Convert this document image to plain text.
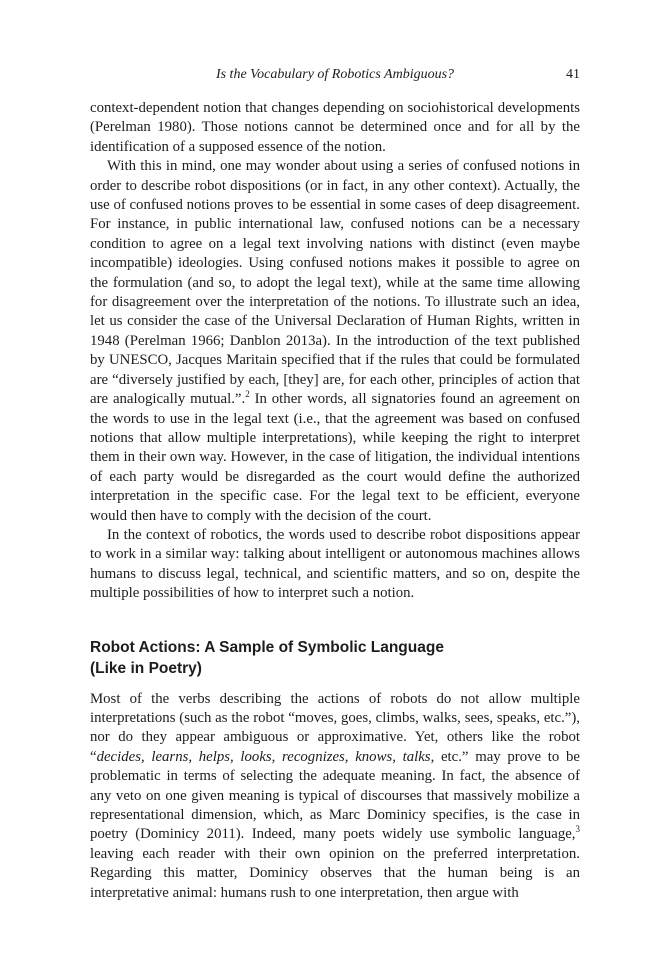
Is the Vocabulary of Robotics Ambiguous?	41

context-dependent notion that changes depending on sociohistorical developments (Perelman 1980). Those notions cannot be determined once and for all by the identification of a supposed essence of the notion.

With this in mind, one may wonder about using a series of confused notions in order to describe robot dispositions (or in fact, in any other context). Actually, the use of confused notions proves to be essential in some cases of deep disagreement. For instance, in public international law, confused notions can be a necessary condition to agree on a legal text involving nations with distinct (even maybe incompatible) ideologies. Using confused notions makes it possible to agree on the formulation (and so, to adopt the legal text), while at the same time allowing for disagreement over the interpretation of the notions. To illustrate such an idea, let us consider the case of the Universal Declaration of Human Rights, written in 1948 (Perelman 1966; Danblon 2013a). In the introduction of the text published by UNESCO, Jacques Maritain specified that if the rules that could be formulated are “diversely justified by each, [they] are, for each other, principles of action that are analogically mutual.”.$^2$ In other words, all signatories found an agreement on the words to use in the legal text (i.e., that the agreement was based on confused notions that allow multiple interpretations), while keeping the right to interpret them in their own way. However, in the case of litigation, the individual intentions of each party would be disregarded as the court would define the authorized interpretation in the specific case. For the legal text to be efficient, everyone would then have to comply with the decision of the court.

In the context of robotics, the words used to describe robot dispositions appear to work in a similar way: talking about intelligent or autonomous machines allows humans to discuss legal, technical, and scientific matters, and so on, despite the multiple possibilities of how to interpret such a notion.

Robot Actions: A Sample of Symbolic Language
(Like in Poetry)

Most of the verbs describing the actions of robots do not allow multiple interpretations (such as the robot “moves, goes, climbs, walks, sees, speaks, etc.”), nor do they appear ambiguous or approximative. Yet, others like the robot “decides, learns, helps, looks, recognizes, knows, talks, etc.” may prove to be problematic in terms of selecting the adequate meaning. In fact, the absence of any veto on one given meaning is typical of discourses that massively mobilize a representational dimension, which, as Marc Dominicy specifies, is the case in poetry (Dominicy 2011). Indeed, many poets widely use symbolic language,$^3$ leaving each reader with their own opinion on the preferred interpretation. Regarding this matter, Dominicy observes that the human being is an interpretative animal: humans rush to one interpretation, then argue with
